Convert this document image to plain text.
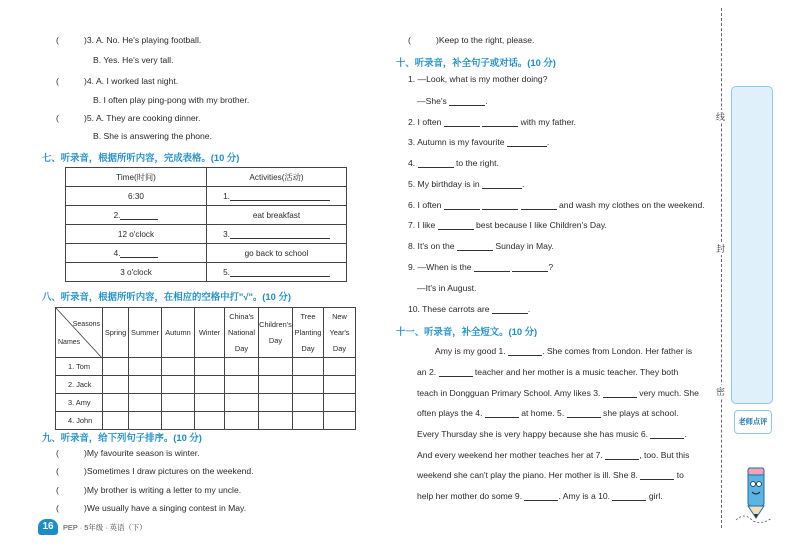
(	)3. A. No. He's playing football.
B. Yes. He's very tall.
(	)4. A. I worked last night.
B. I often play ping-pong with my brother.
(	)5. A. They are cooking dinner.
B. She is answering the phone.
七、听录音，根据所听内容，完成表格。(10 分)
Time(时间)	Activities(活动)
6:30	1.
2.	eat breakfast
12 o'clock	3.
4.	go back to school
3 o'clock	5.
八、听录音，根据所听内容，在相应的空格中打"√"。(10 分)
Seasons
Names	Spring	Summer	Autumn	Winter	China's National Day	Children's Day	Tree Planting Day	New Year's Day
1. Tom								
2. Jack								
3. Amy								
4. John								
九、听录音，给下列句子排序。(10 分)
(	)My favourite season is winter.
(	)Sometimes I draw pictures on the weekend.
(	)My brother is writing a letter to my uncle.
(	)We usually have a singing contest in May.
16	PEP · 5年级 · 英语（下）
(	)Keep to the right, please.
十、听录音，补全句子或对话。(10 分)
1. —Look, what is my mother doing?
—She's	.
2. I often	with my father.
3. Autumn is my favourite	.
4.	to the right.
5. My birthday is in	.
6. I often	and wash my clothes on the weekend.
7. I like	best because I like Children's Day.
8. It's on the	Sunday in May.
9. —When is the	?
—It's in August.
10. These carrots are	.
十一、听录音，补全短文。(10 分)
Amy is my good 1.	. She comes from London. Her father is
an 2.	teacher and her mother is a music teacher. They both
teach in Dongguan Primary School. Amy likes 3.	very much. She
often plays the 4.	at home. 5.	she plays at school.
Every Thursday she is very happy because she has music 6.	.
And every weekend her mother teaches her at 7.	, too. But this
weekend she can't play the piano. Her mother is ill. She 8.	to
help her mother do some 9.	. Amy is a 10.	girl.
线
封
密
老师点评
